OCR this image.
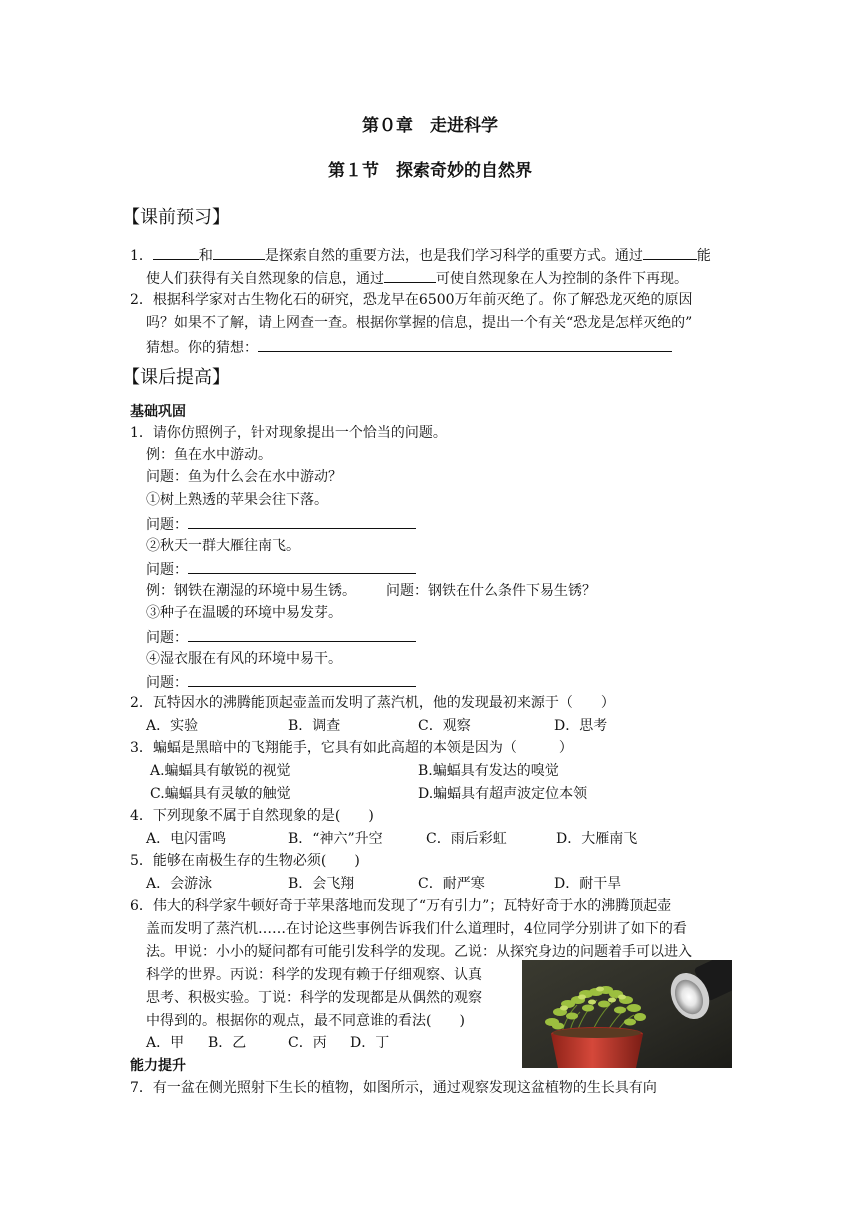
第０章　走进科学
第１节　探索奇妙的自然界
【课前预习】
1．	和	是探索自然的重要方法，也是我们学习科学的重要方式。通过	能
使人们获得有关自然现象的信息，通过	可使自然现象在人为控制的条件下再现。
2．根据科学家对古生物化石的研究，恐龙早在6500万年前灭绝了。你了解恐龙灭绝的原因
吗？如果不了解，请上网查一查。根据你掌握的信息，提出一个有关“恐龙是怎样灭绝的”
猜想。你的猜想：
【课后提高】
基础巩固
1．请你仿照例子，针对现象提出一个恰当的问题。
例：鱼在水中游动。
问题：鱼为什么会在水中游动？
①树上熟透的苹果会往下落。
问题：
②秋天一群大雁往南飞。
问题：
例：钢铁在潮湿的环境中易生锈。 问题：钢铁在什么条件下易生锈？
③种子在温暖的环境中易发芽。
问题：
④湿衣服在有风的环境中易干。
问题：
2．瓦特因水的沸腾能顶起壶盖而发明了蒸汽机，他的发现最初来源于（　　）
A．实验	B．调查	C．观察	D．思考
3．蝙蝠是黑暗中的飞翔能手，它具有如此高超的本领是因为（　　　）
A.蝙蝠具有敏锐的视觉	B.蝙蝠具有发达的嗅觉
C.蝙蝠具有灵敏的触觉	D.蝙蝠具有超声波定位本领
4．下列现象不属于自然现象的是(　　)
A．电闪雷鸣	B．“神六”升空	C．雨后彩虹	D．大雁南飞
5．能够在南极生存的生物必须(　　)
A．会游泳	B．会飞翔	C．耐严寒	D．耐干旱
6．伟大的科学家牛顿好奇于苹果落地而发现了“万有引力”；瓦特好奇于水的沸腾顶起壶
盖而发明了蒸汽机……在讨论这些事例告诉我们什么道理时，4位同学分别讲了如下的看
法。甲说：小小的疑问都有可能引发科学的发现。乙说：从探究身边的问题着手可以进入
科学的世界。丙说：科学的发现有赖于仔细观察、认真
思考、积极实验。丁说：科学的发现都是从偶然的观察
中得到的。根据你的观点，最不同意谁的看法(　　)
A．甲 B．乙	C．丙 D．丁
能力提升
7．有一盆在侧光照射下生长的植物，如图所示，通过观察发现这盆植物的生长具有向
